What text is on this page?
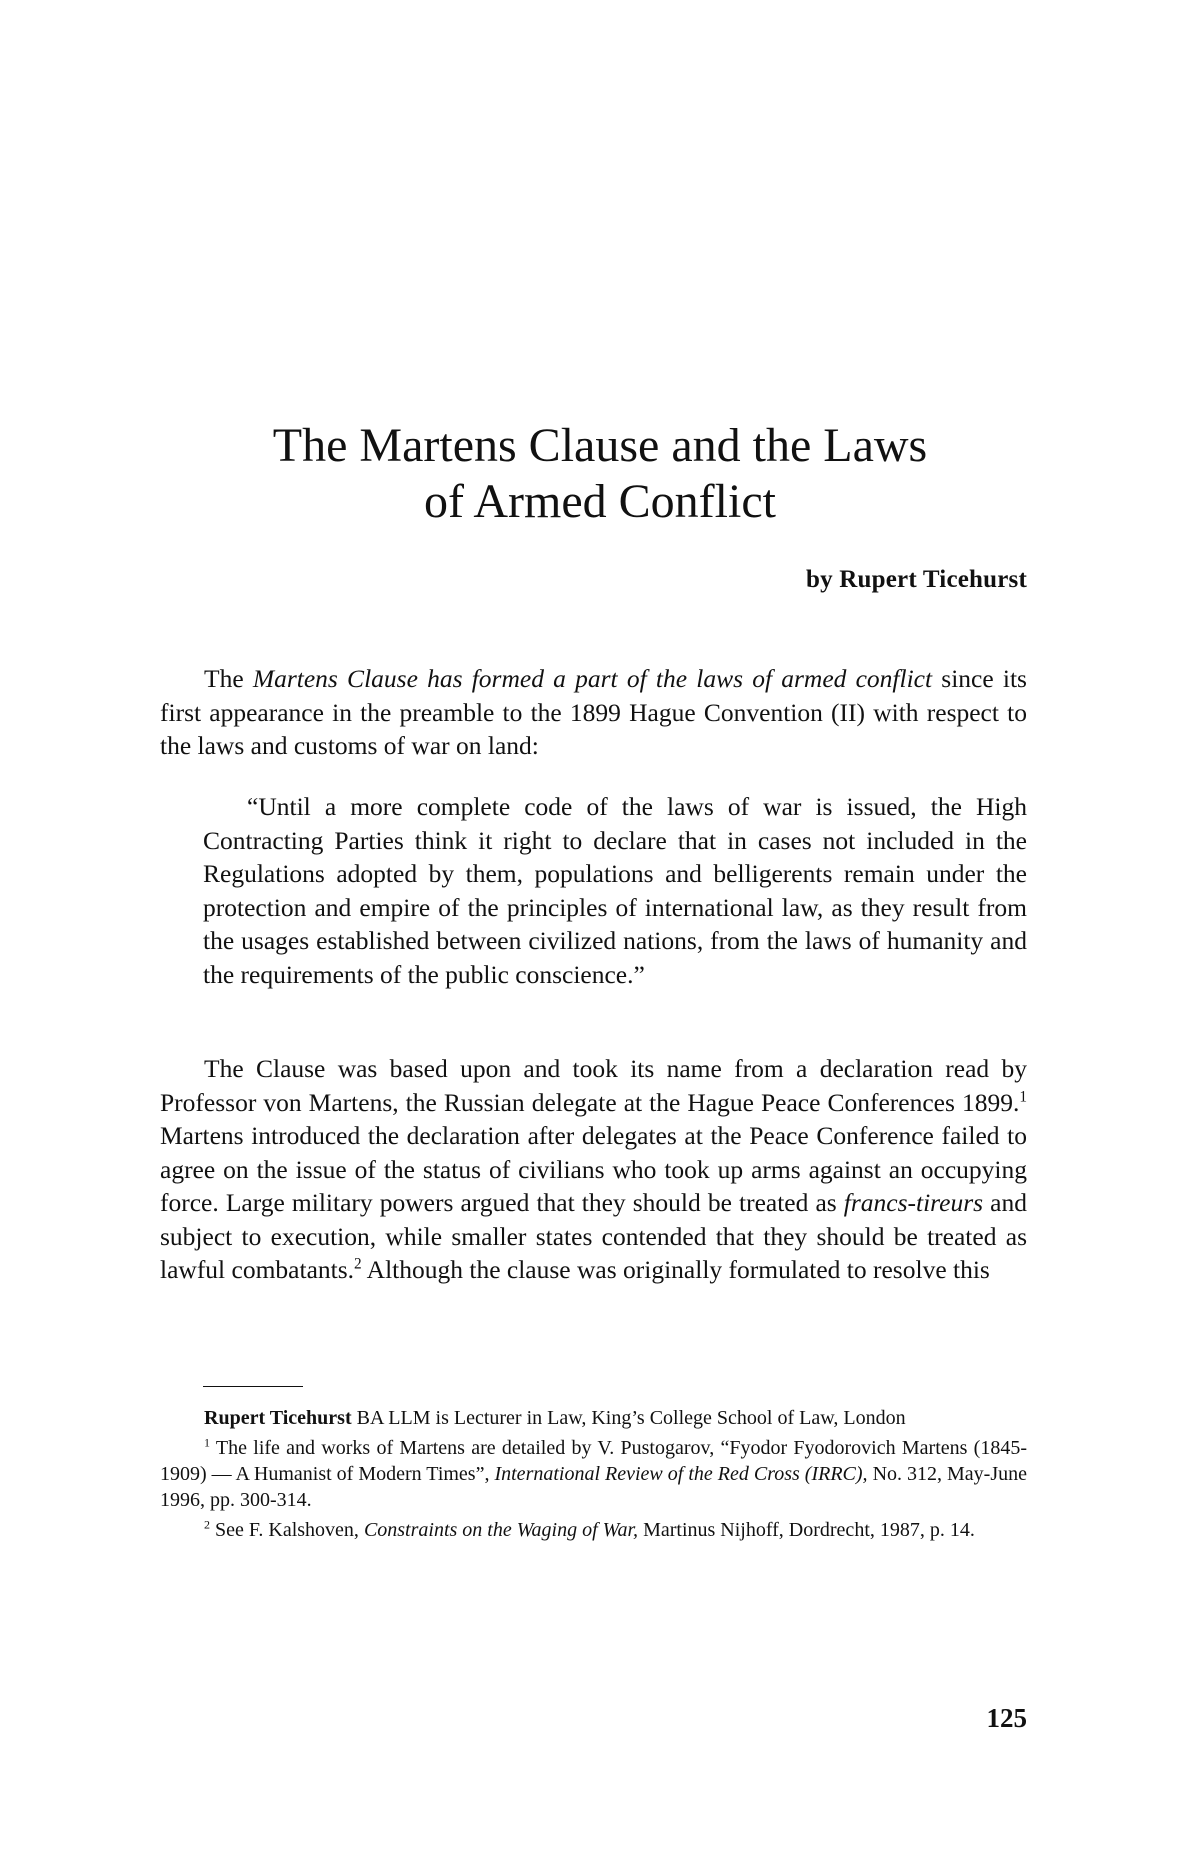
The Martens Clause and the Laws
of Armed Conflict
by Rupert Ticehurst

The Martens Clause has formed a part of the laws of armed conflict since its first appearance in the preamble to the 1899 Hague Convention (II) with respect to the laws and customs of war on land:

“Until a more complete code of the laws of war is issued, the High Contracting Parties think it right to declare that in cases not included in the Regulations adopted by them, populations and belligerents remain under the protection and empire of the principles of international law, as they result from the usages established between civilized nations, from the laws of humanity and the requirements of the public conscience.”

The Clause was based upon and took its name from a declaration read by Professor von Martens, the Russian delegate at the Hague Peace Conferences 1899.$^1$ Martens introduced the declaration after delegates at the Peace Conference failed to agree on the issue of the status of civilians who took up arms against an occupying force. Large military powers argued that they should be treated as francs-tireurs and subject to execution, while smaller states contended that they should be treated as lawful combatants.$^2$ Although the clause was originally formulated to resolve this

Rupert Ticehurst BA LLM is Lecturer in Law, King’s College School of Law, London

$^1$ The life and works of Martens are detailed by V. Pustogarov, “Fyodor Fyodorovich Martens (1845-1909) — A Humanist of Modern Times”, International Review of the Red Cross (IRRC), No. 312, May-June 1996, pp. 300-314.

$^2$ See F. Kalshoven, Constraints on the Waging of War, Martinus Nijhoff, Dordrecht, 1987, p. 14.

125
